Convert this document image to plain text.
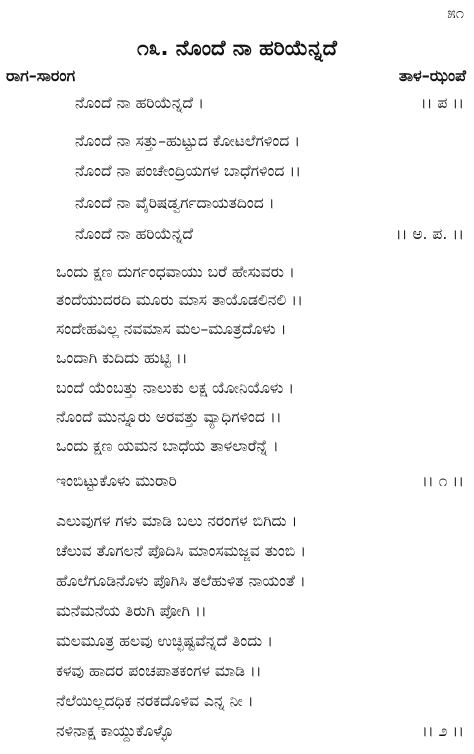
೫೧
೧೩. ನೊಂದೆ ನಾ ಹರಿಯೆನ್ನದೆ
ರಾಗ–ಸಾರಂಗ	ತಾಳ–ಝಂಪೆ
ನೊಂದೆ ನಾ ಹರಿಯೆನ್ನದೆ ।	।। ಪ ।।
ನೊಂದೆ ನಾ ಸತ್ತು–ಹುಟ್ಟುದ ಕೋಟಲೆಗಳಿಂದ ।
ನೊಂದೆ ನಾ ಪಂಚೇಂದ್ರಿಯಗಳ ಬಾಧೆಗಳಿಂದ ।।
ನೊಂದೆ ನಾ ವೈರಿಷಡ್ವರ್ಗದಾಯತದಿಂದ ।
ನೊಂದೆ ನಾ ಹರಿಯೆನ್ನದೆ	।। ಅ. ಪ. ।।
ಒಂದು ಕ್ಷಣ ದುರ್ಗಂಧವಾಯು ಬರೆ ಹೇಸುವರು ।
ತಂದೆಯುದರದಿ ಮೂರು ಮಾಸ ತಾಯೊಡಲಿನಲಿ ।।
ಸಂದೇಹವಿಲ್ಲ ನವಮಾಸ ಮಲ–ಮೂತ್ರದೊಳು ।
ಒಂದಾಗಿ ಕುದಿದು ಹುಟ್ಟಿ ।।
ಬಂದೆ ಯೆಂಬತ್ತು ನಾಲುಕು ಲಕ್ಷ ಯೋನಿಯೊಳು ।
ನೊಂದೆ ಮುನ್ನೂರು ಅರವತ್ತು ವ್ಯಾಧಿಗಳಿಂದ ।।
ಒಂದು ಕ್ಷಣ ಯಮನ ಬಾಧೆಯ ತಾಳಲಾರೆನ್ನೆ ।
ಇಂಬಿಟ್ಟುಕೊಳು ಮುರಾರಿ	।। ೧ ।।
ಎಲುವುಗಳ ಗಳು ಮಾಡಿ ಬಲು ನರಂಗಳ ಬಿಗಿದು ।
ಚೆಲುವ ತೊಗಲನೆ ಪೊದಿಸಿ ಮಾಂಸಮಜ್ಜವ ತುಂಬಿ ।
ಹೊಲೆಗೂಡಿನೊಳು ಪೊಗಿಸಿ ತಲೆಹುಳಿತ ನಾಯಂತೆ ।
ಮನೆಮನೆಯ ತಿರುಗಿ ಪೋಗಿ ।।
ಮಲಮೂತ್ರ ಹಲವು ಉಚ್ಛಿಷ್ಟವೆನ್ನದೆ ತಿಂದು ।
ಕಳವು ಹಾದರ ಪಂಚಪಾತಕಂಗಳ ಮಾಡಿ ।।
ನೆಲೆಯಿಲ್ಲದಧಿಕ ನರಕದೊಳಿವ ಎನ್ನ ನೀ ।
ನಳಿನಾಕ್ಷ ಕಾಯ್ದುಕೊಳ್ಳೊ	।। ೨ ।।
